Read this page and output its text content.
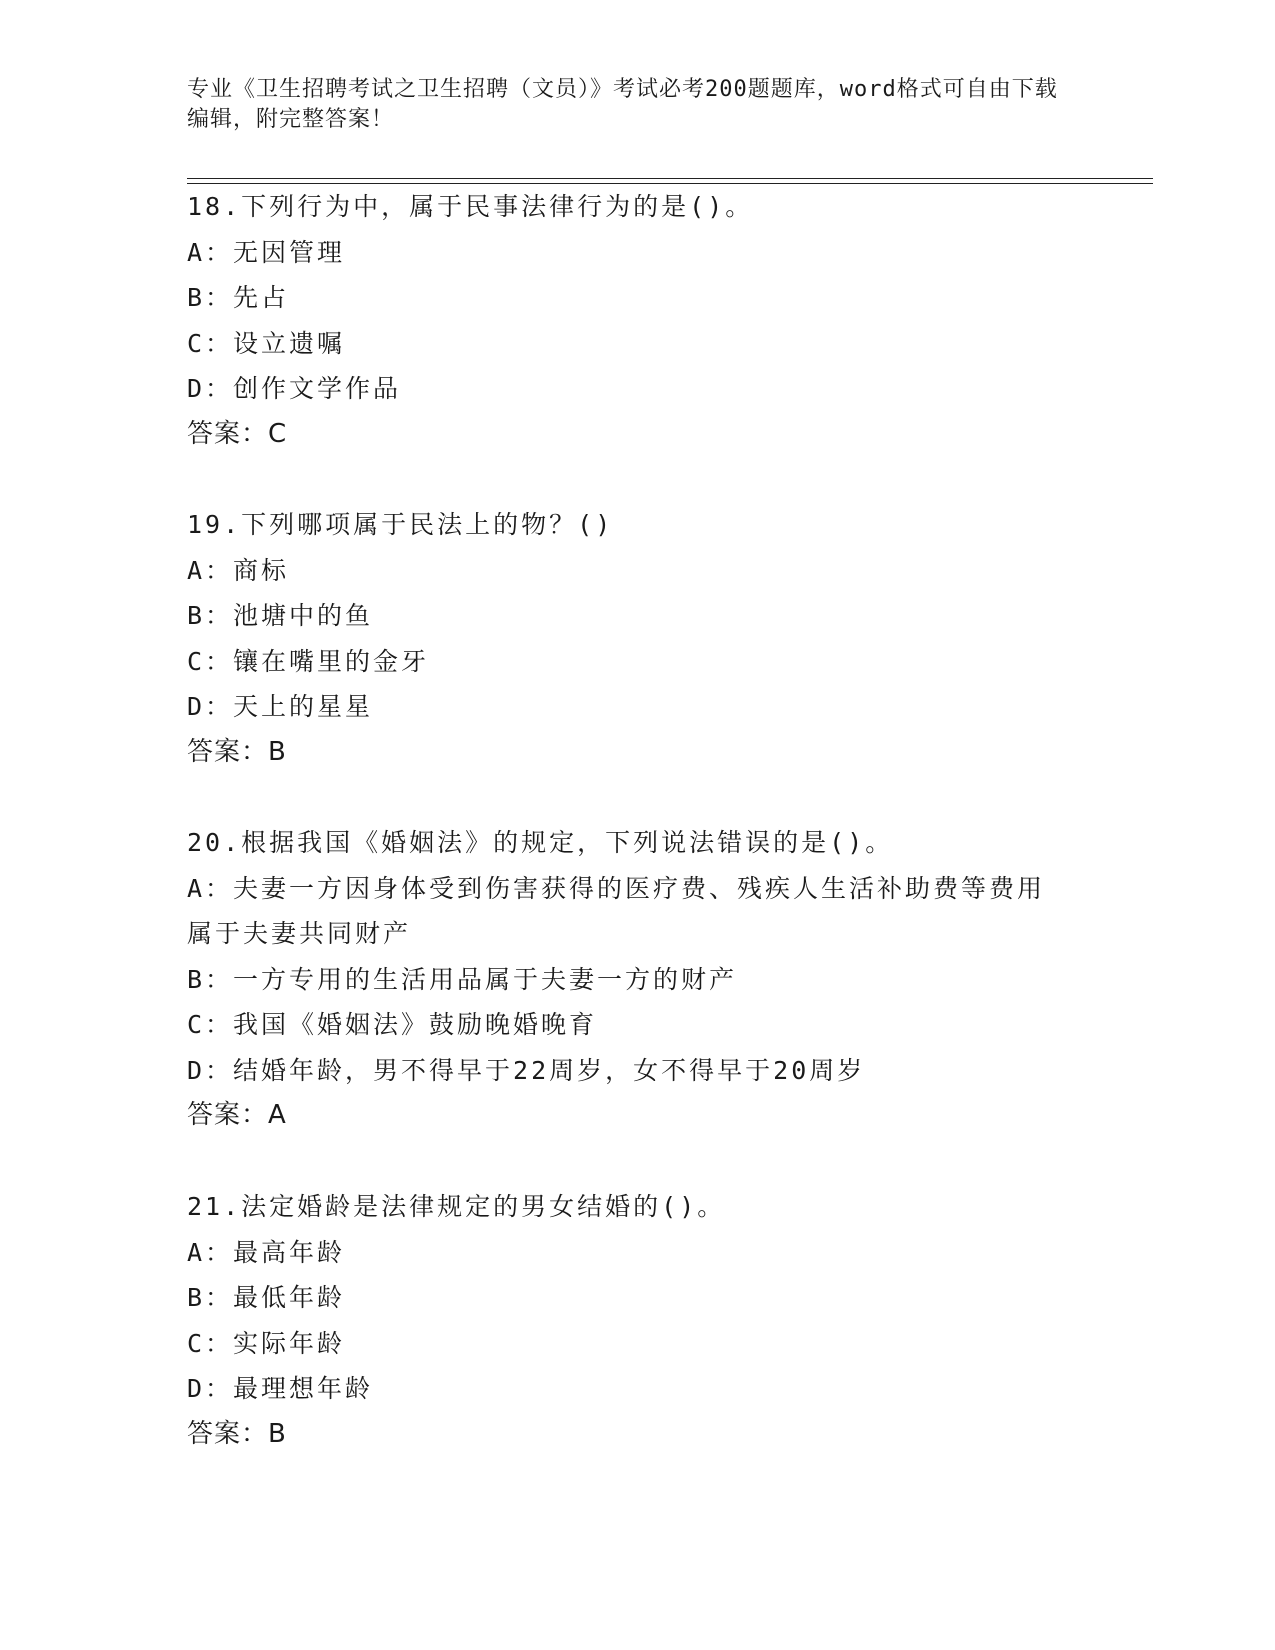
专业《卫生招聘考试之卫生招聘（文员）》考试必考200题题库，word格式可自由下载编辑，附完整答案！
18.下列行为中，属于民事法律行为的是()。
A：无因管理
B：先占
C：设立遗嘱
D：创作文学作品
答案：C
19.下列哪项属于民法上的物？()
A：商标
B：池塘中的鱼
C：镶在嘴里的金牙
D：天上的星星
答案：B
20.根据我国《婚姻法》的规定，下列说法错误的是()。
A：夫妻一方因身体受到伤害获得的医疗费、残疾人生活补助费等费用属于夫妻共同财产
B：一方专用的生活用品属于夫妻一方的财产
C：我国《婚姻法》鼓励晚婚晚育
D：结婚年龄，男不得早于22周岁，女不得早于20周岁
答案：A
21.法定婚龄是法律规定的男女结婚的()。
A：最高年龄
B：最低年龄
C：实际年龄
D：最理想年龄
答案：B
